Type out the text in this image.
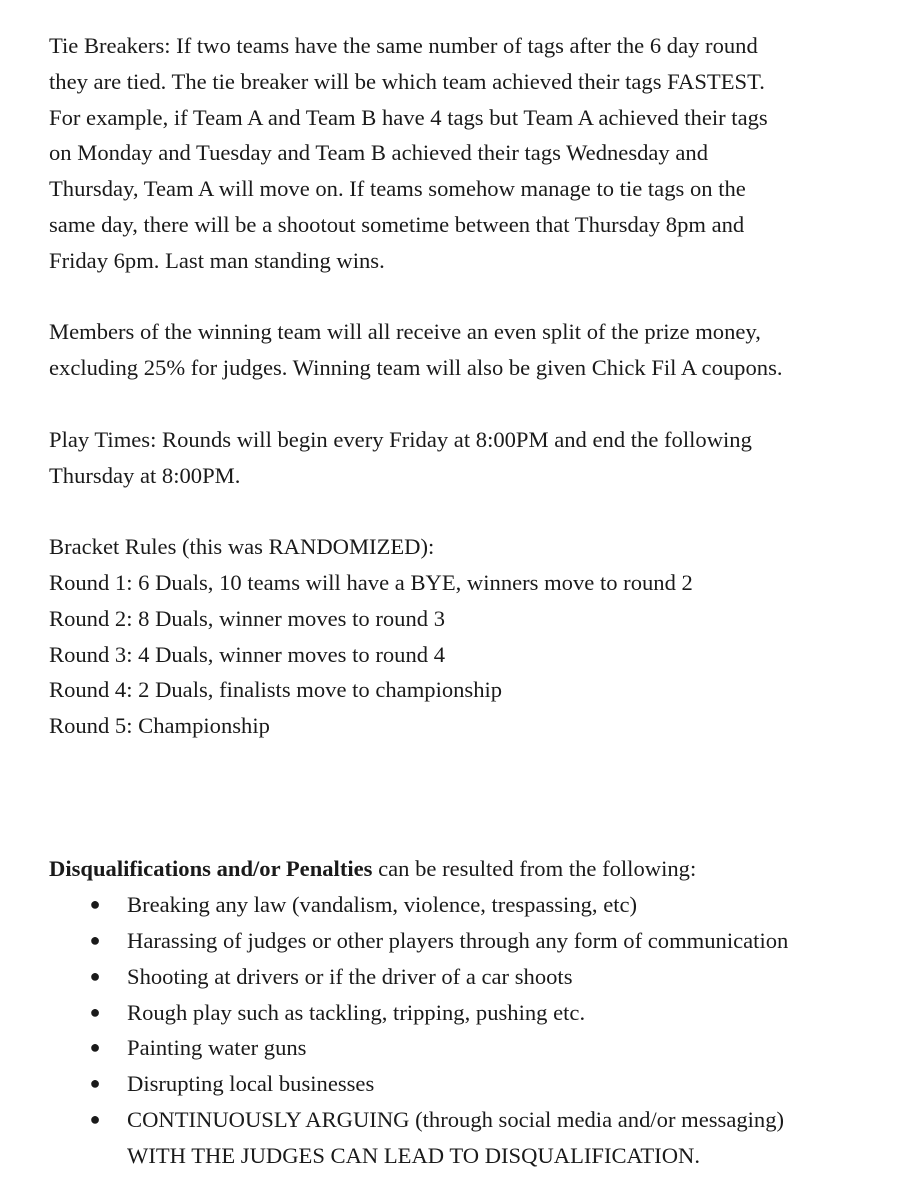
Tie Breakers: If two teams have the same number of tags after the 6 day round
they are tied. The tie breaker will be which team achieved their tags FASTEST.
For example, if Team A and Team B have 4 tags but Team A achieved their tags
on Monday and Tuesday and Team B achieved their tags Wednesday and
Thursday, Team A will move on. If teams somehow manage to tie tags on the
same day, there will be a shootout sometime between that Thursday 8pm and
Friday 6pm. Last man standing wins.
Members of the winning team will all receive an even split of the prize money,
excluding 25% for judges. Winning team will also be given Chick Fil A coupons.
Play Times: Rounds will begin every Friday at 8:00PM and end the following
Thursday at 8:00PM.
Bracket Rules (this was RANDOMIZED):
Round 1: 6 Duals, 10 teams will have a BYE, winners move to round 2
Round 2: 8 Duals, winner moves to round 3
Round 3: 4 Duals, winner moves to round 4
Round 4: 2 Duals, finalists move to championship
Round 5: Championship
Disqualifications and/or Penalties can be resulted from the following:
● Breaking any law (vandalism, violence, trespassing, etc)
● Harassing of judges or other players through any form of communication
● Shooting at drivers or if the driver of a car shoots
● Rough play such as tackling, tripping, pushing etc.
● Painting water guns
● Disrupting local businesses
● CONTINUOUSLY ARGUING (through social media and/or messaging)
WITH THE JUDGES CAN LEAD TO DISQUALIFICATION.
